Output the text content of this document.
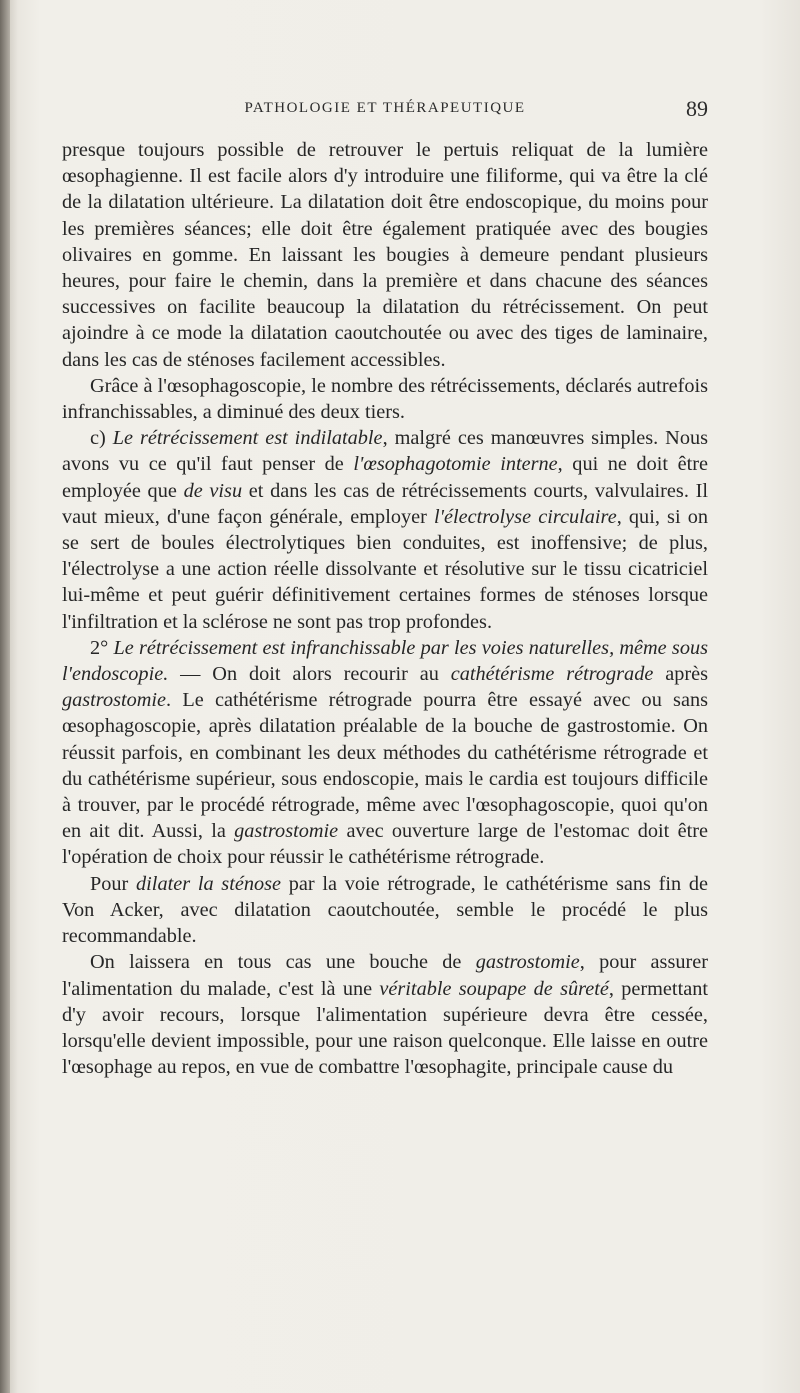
PATHOLOGIE ET THÉRAPEUTIQUE	89

presque toujours possible de retrouver le pertuis reliquat de la lumière œsophagienne. Il est facile alors d'y introduire une filiforme, qui va être la clé de la dilatation ultérieure. La dilatation doit être endoscopique, du moins pour les premières séances; elle doit être également pratiquée avec des bougies olivaires en gomme. En laissant les bougies à demeure pendant plusieurs heures, pour faire le chemin, dans la première et dans chacune des séances successives on facilite beaucoup la dilatation du rétrécissement. On peut ajoindre à ce mode la dilatation caoutchoutée ou avec des tiges de laminaire, dans les cas de sténoses facilement accessibles.

Grâce à l'œsophagoscopie, le nombre des rétrécissements, déclarés autrefois infranchissables, a diminué des deux tiers.

c) Le rétrécissement est indilatable, malgré ces manœuvres simples. Nous avons vu ce qu'il faut penser de l'œsophagotomie interne, qui ne doit être employée que de visu et dans les cas de rétrécissements courts, valvulaires. Il vaut mieux, d'une façon générale, employer l'électrolyse circulaire, qui, si on se sert de boules électrolytiques bien conduites, est inoffensive; de plus, l'électrolyse a une action réelle dissolvante et résolutive sur le tissu cicatriciel lui-même et peut guérir définitivement certaines formes de sténoses lorsque l'infiltration et la sclérose ne sont pas trop profondes.

2° Le rétrécissement est infranchissable par les voies naturelles, même sous l'endoscopie. — On doit alors recourir au cathétérisme rétrograde après gastrostomie. Le cathétérisme rétrograde pourra être essayé avec ou sans œsophagoscopie, après dilatation préalable de la bouche de gastrostomie. On réussit parfois, en combinant les deux méthodes du cathétérisme rétrograde et du cathétérisme supérieur, sous endoscopie, mais le cardia est toujours difficile à trouver, par le procédé rétrograde, même avec l'œsophagoscopie, quoi qu'on en ait dit. Aussi, la gastrostomie avec ouverture large de l'estomac doit être l'opération de choix pour réussir le cathétérisme rétrograde.

Pour dilater la sténose par la voie rétrograde, le cathétérisme sans fin de Von Acker, avec dilatation caoutchoutée, semble le procédé le plus recommandable.

On laissera en tous cas une bouche de gastrostomie, pour assurer l'alimentation du malade, c'est là une véritable soupape de sûreté, permettant d'y avoir recours, lorsque l'alimentation supérieure devra être cessée, lorsqu'elle devient impossible, pour une raison quelconque. Elle laisse en outre l'œsophage au repos, en vue de combattre l'œsophagite, principale cause du
